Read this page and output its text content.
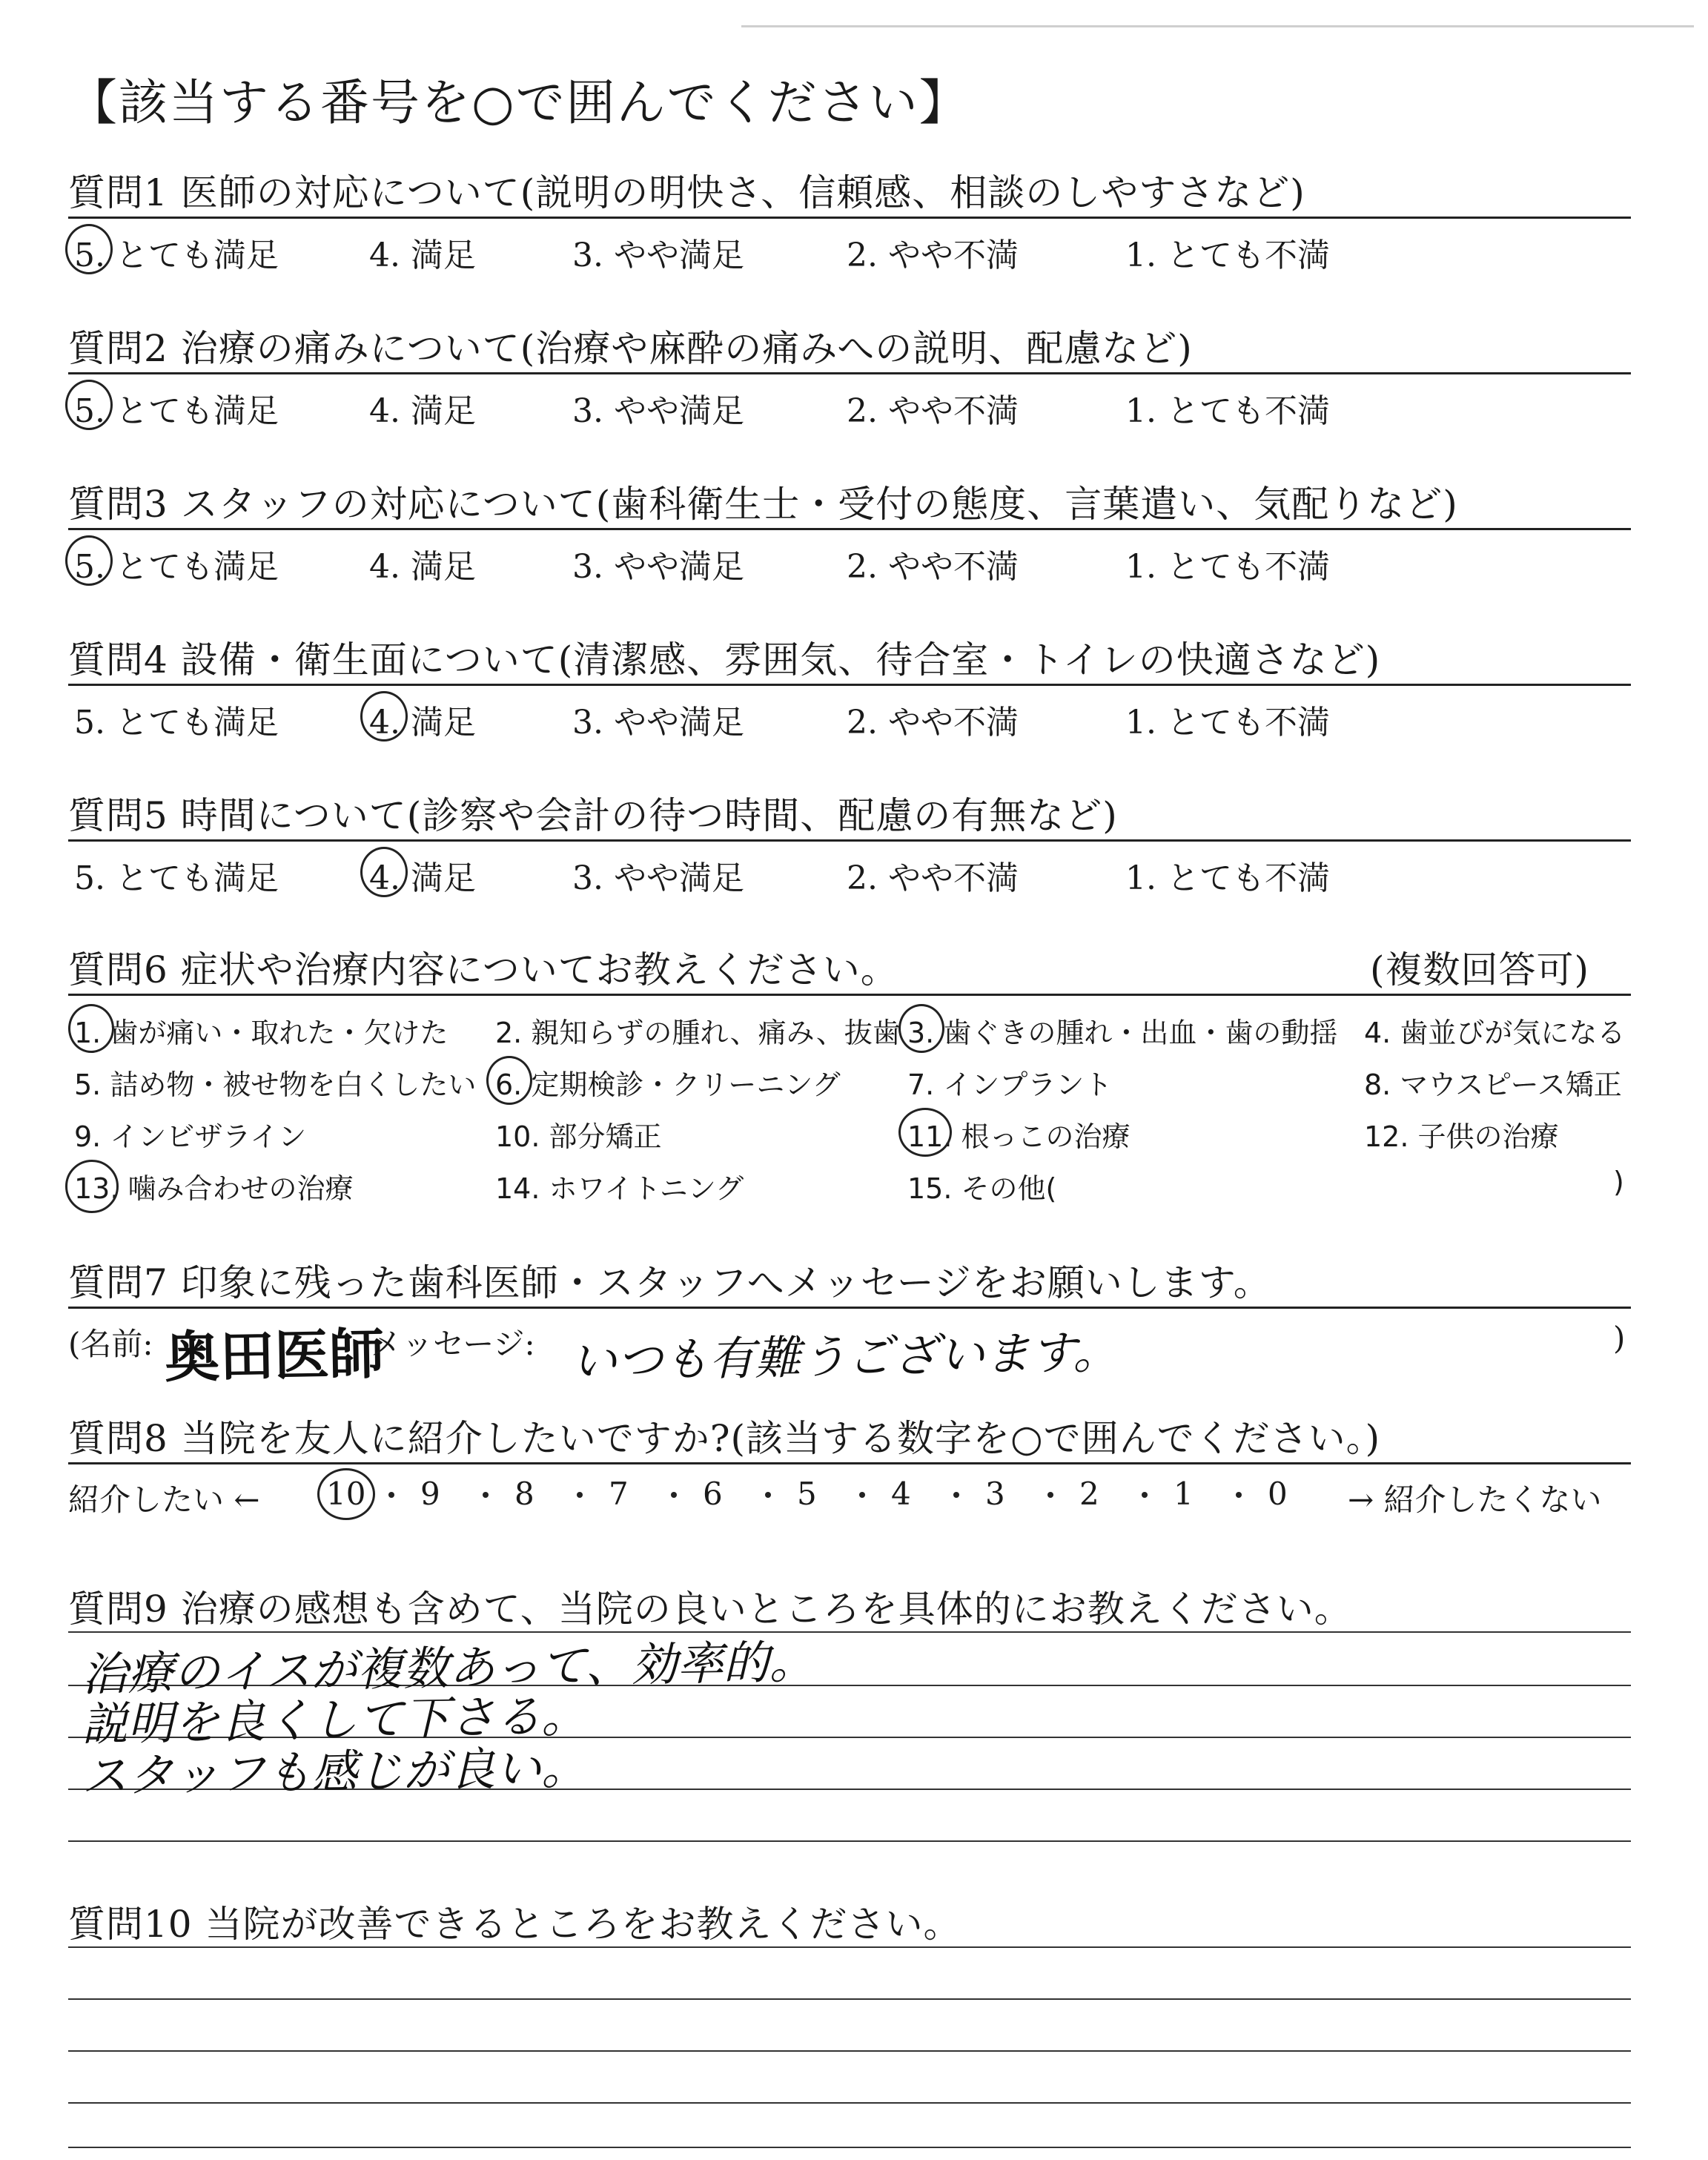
【該当する番号を○で囲んでください】
質問1 医師の対応について(説明の明快さ、信頼感、相談のしやすさなど)
5. とても満足	4. 満足	3. やや満足	2. やや不満	1. とても不満
質問2 治療の痛みについて(治療や麻酔の痛みへの説明、配慮など)
5. とても満足	4. 満足	3. やや満足	2. やや不満	1. とても不満
質問3 スタッフの対応について(歯科衛生士・受付の態度、言葉遣い、気配りなど)
5. とても満足	4. 満足	3. やや満足	2. やや不満	1. とても不満
質問4 設備・衛生面について(清潔感、雰囲気、待合室・トイレの快適さなど)
5. とても満足	4. 満足	3. やや満足	2. やや不満	1. とても不満
質問5 時間について(診察や会計の待つ時間、配慮の有無など)
5. とても満足	4. 満足	3. やや満足	2. やや不満	1. とても不満
質問6 症状や治療内容についてお教えください。	(複数回答可)
1. 歯が痛い・取れた・欠けた 2. 親知らずの腫れ、痛み、抜歯 3. 歯ぐきの腫れ・出血・歯の動揺 4. 歯並びが気になる
5. 詰め物・被せ物を白くしたい 6. 定期検診・クリーニング 7. インプラント	8. マウスピース矯正
9. インビザライン	10. 部分矯正	11. 根っこの治療	12. 子供の治療
13. 噛み合わせの治療	14. ホワイトニング	15. その他(	)
質問7 印象に残った歯科医師・スタッフへメッセージをお願いします。
(名前: 奥田医師
メッセージ: いつも有難うございます。	)
質問8 当院を友人に紹介したいですか?(該当する数字を○で囲んでください。)
紹介したい ← 10 9 8 7 6 5 4 3 2 1 0 → 紹介したくない
質問9 治療の感想も含めて、当院の良いところを具体的にお教えください。
治療のイスが複数あって、効率的。
説明を良くして下さる。
スタッフも感じが良い。
質問10 当院が改善できるところをお教えください。
